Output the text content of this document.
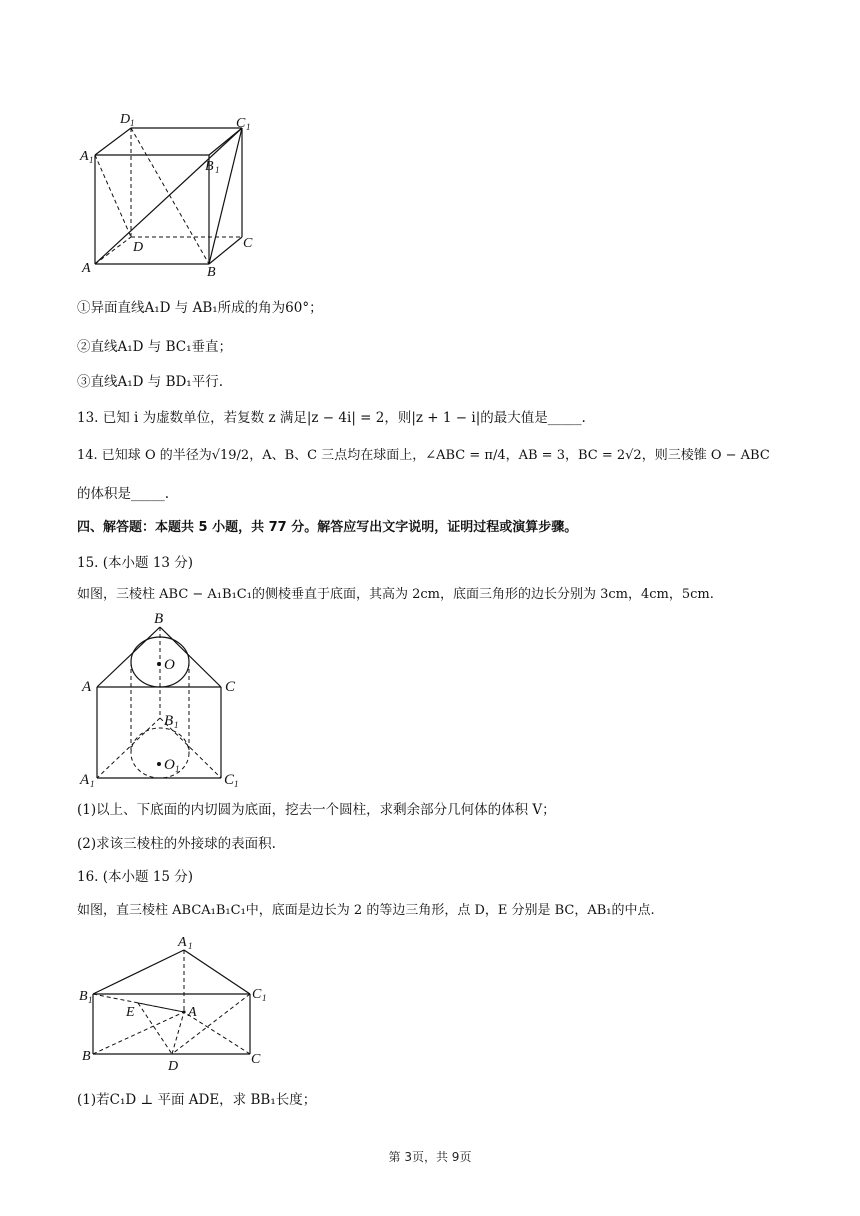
D 1	C 1
A 1	B 1
D	C
A	B
①异面直线A₁D 与 AB₁所成的角为60°；
②直线A₁D 与 BC₁垂直；
③直线A₁D 与 BD₁平行.
13. 已知 i 为虚数单位，若复数 z 满足|z − 4i| = 2，则|z + 1 − i|的最大值是_____.
14. 已知球 O 的半径为√19/2，A、B、C 三点均在球面上，∠ABC = π/4，AB = 3，BC = 2√2，则三棱锥 O − ABC
的体积是_____.
四、解答题：本题共 5 小题，共 77 分。解答应写出文字说明，证明过程或演算步骤。
15. (本小题 13 分)
如图，三棱柱 ABC − A₁B₁C₁的侧棱垂直于底面，其高为 2cm，底面三角形的边长分别为 3cm，4cm，5cm.
B
O
A	C
B 1
O 1
A 1	C 1
(1)以上、下底面的内切圆为底面，挖去一个圆柱，求剩余部分几何体的体积 V；
(2)求该三棱柱的外接球的表面积.
16. (本小题 15 分)
如图，直三棱柱 ABCA₁B₁C₁中，底面是边长为 2 的等边三角形，点 D，E 分别是 BC，AB₁的中点.
A 1
B 1	C 1
E	A
B
D	C
(1)若C₁D ⊥ 平面 ADE，求 BB₁长度；
第 3页，共 9页
